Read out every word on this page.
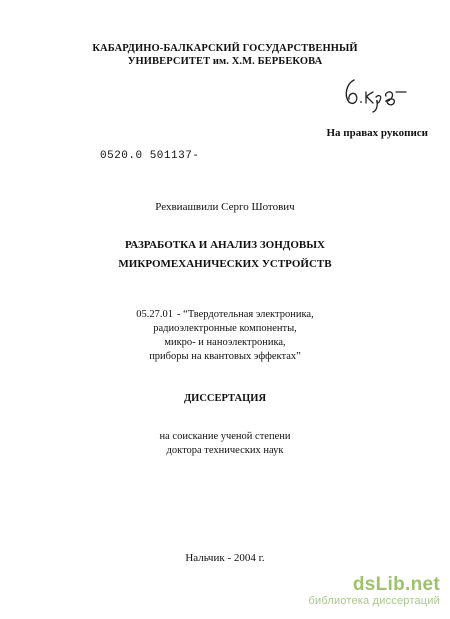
КАБАРДИНО-БАЛКАРСКИЙ ГОСУДАРСТВЕННЫЙ
УНИВЕРСИТЕТ им. Х.М. БЕРБЕКОВА
На правах рукописи
0520.0 501137-
Рехвиашвили Серго Шотович
РАЗРАБОТКА И АНАЛИЗ ЗОНДОВЫХ
МИКРОМЕХАНИЧЕСКИХ УСТРОЙСТВ
05.27.01 - “Твердотельная электроника,
радиоэлектронные компоненты,
микро- и наноэлектроника,
приборы на квантовых эффектах”
ДИССЕРТАЦИЯ
на соискание ученой степени
доктора технических наук
Нальчик - 2004 г.
dsLib.net
библиотека диссертаций
